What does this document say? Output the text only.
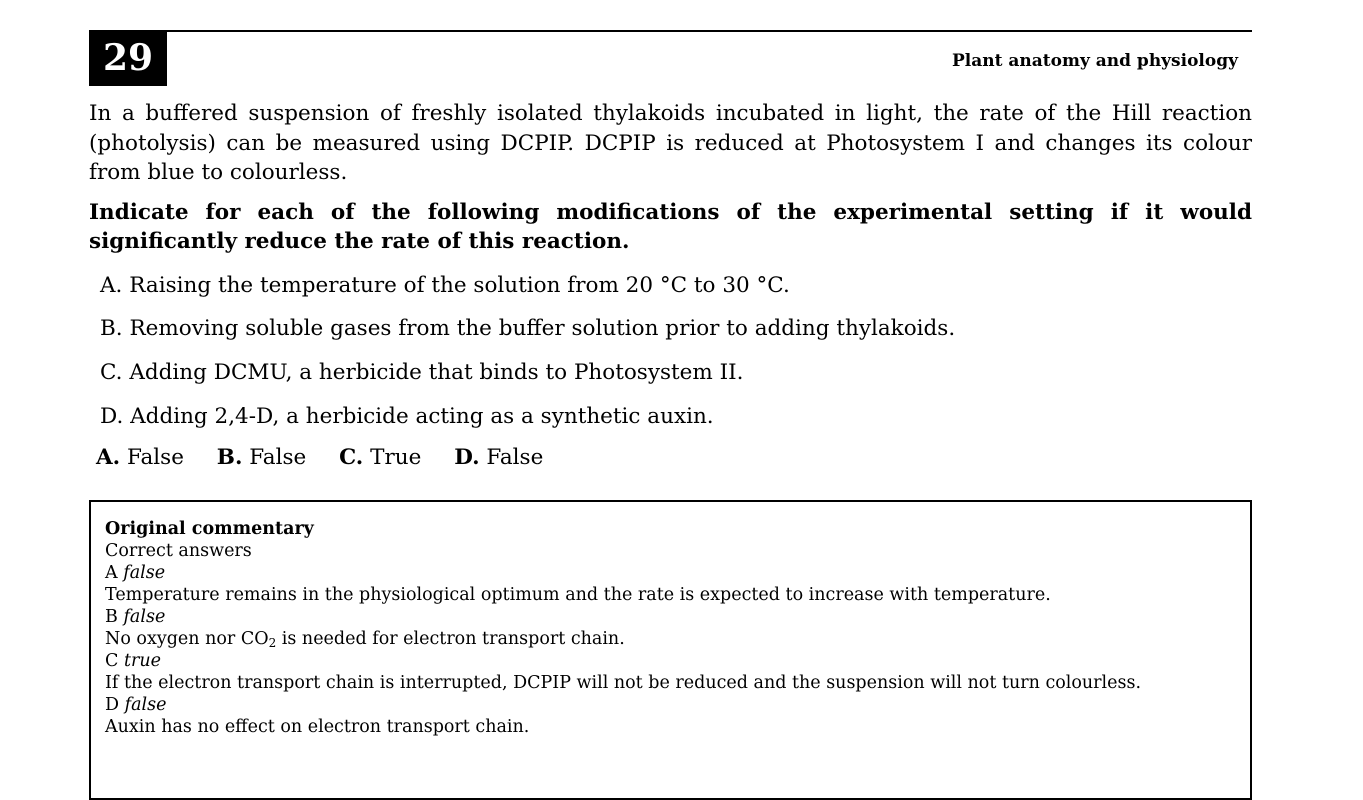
29	Plant anatomy and physiology

In a buffered suspension of freshly isolated thylakoids incubated in light, the rate of the Hill reaction (photolysis) can be measured using DCPIP. DCPIP is reduced at Photosystem I and changes its colour from blue to colourless.

Indicate for each of the following modifications of the experimental setting if it would significantly reduce the rate of this reaction.

A. Raising the temperature of the solution from 20 °C to 30 °C.
B. Removing soluble gases from the buffer solution prior to adding thylakoids.
C. Adding DCMU, a herbicide that binds to Photosystem II.
D. Adding 2,4-D, a herbicide acting as a synthetic auxin.
A. False B. False C. True D. False
Original commentary
Correct answers
A false
Temperature remains in the physiological optimum and the rate is expected to increase with temperature.
B false
No oxygen nor $CO_2$ is needed for electron transport chain.
C true
If the electron transport chain is interrupted, DCPIP will not be reduced and the suspension will not turn colourless.
D false
Auxin has no effect on electron transport chain.
